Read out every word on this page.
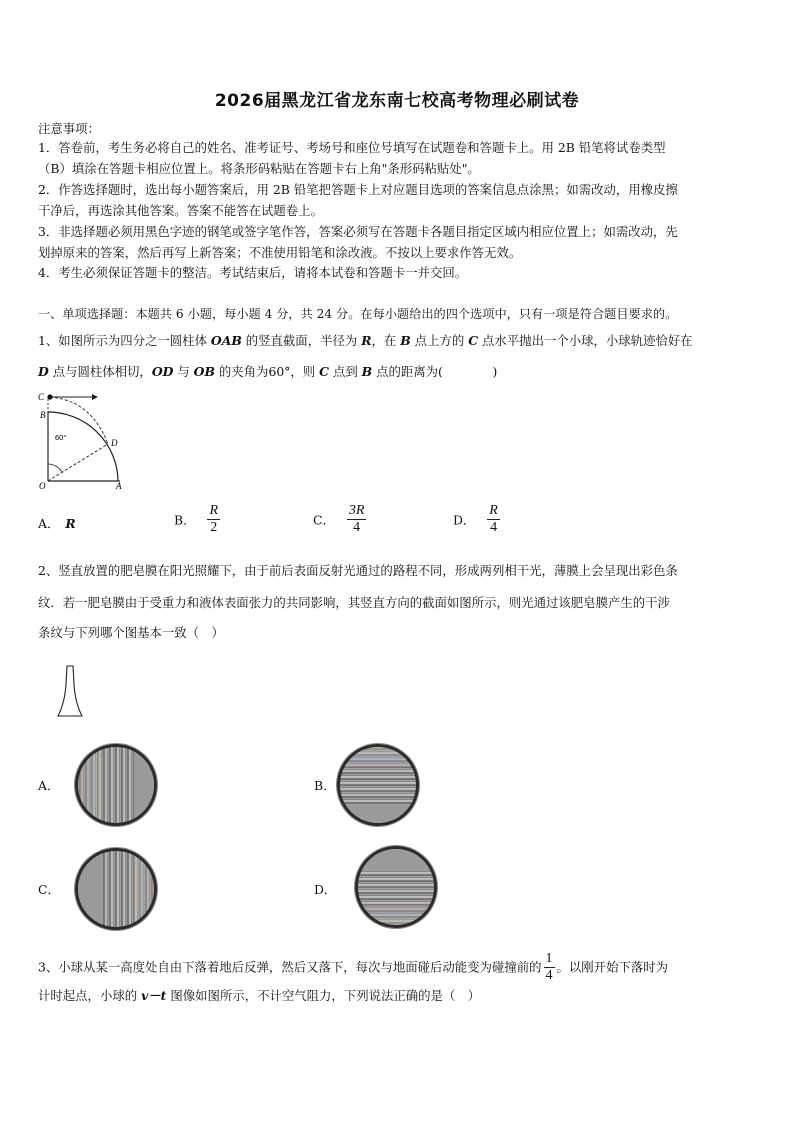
2026届黑龙江省龙东南七校高考物理必刷试卷
注意事项：
1．答卷前，考生务必将自己的姓名、准考证号、考场号和座位号填写在试题卷和答题卡上。用 2B 铅笔将试卷类型
（B）填涂在答题卡相应位置上。将条形码粘贴在答题卡右上角"条形码粘贴处"。
2．作答选择题时，选出每小题答案后，用 2B 铅笔把答题卡上对应题目选项的答案信息点涂黑；如需改动，用橡皮擦
干净后，再选涂其他答案。答案不能答在试题卷上。
3．非选择题必须用黑色字迹的钢笔或签字笔作答，答案必须写在答题卡各题目指定区域内相应位置上；如需改动，先
划掉原来的答案，然后再写上新答案；不准使用铅笔和涂改液。不按以上要求作答无效。
4．考生必须保证答题卡的整洁。考试结束后，请将本试卷和答题卡一并交回。
一、单项选择题：本题共 6 小题，每小题 4 分，共 24 分。在每小题给出的四个选项中，只有一项是符合题目要求的。
1、如图所示为四分之一圆柱体 OAB 的竖直截面，半径为 R，在 B 点上方的 C 点水平抛出一个小球，小球轨迹恰好在
D 点与圆柱体相切，OD 与 OB 的夹角为60°，则 C 点到 B 点的距离为(　　　　)
C
B
D
O	A
60°
A． R	B． $\frac{R}{2}$	C． $\frac{3R}{4}$	D． $\frac{R}{4}$
2、竖直放置的肥皂膜在阳光照耀下，由于前后表面反射光通过的路程不同，形成两列相干光，薄膜上会呈现出彩色条
纹．若一肥皂膜由于受重力和液体表面张力的共同影响，其竖直方向的截面如图所示，则光通过该肥皂膜产生的干涉
条纹与下列哪个图基本一致（　）
A．	B．
C．	D．
3、小球从某一高度处自由下落着地后反弹，然后又落下，每次与地面碰后动能变为碰撞前的 $\frac{1}{4}$ 。以刚开始下落时为
计时起点，小球的 v－t 图像如图所示，不计空气阻力，下列说法正确的是（　）
